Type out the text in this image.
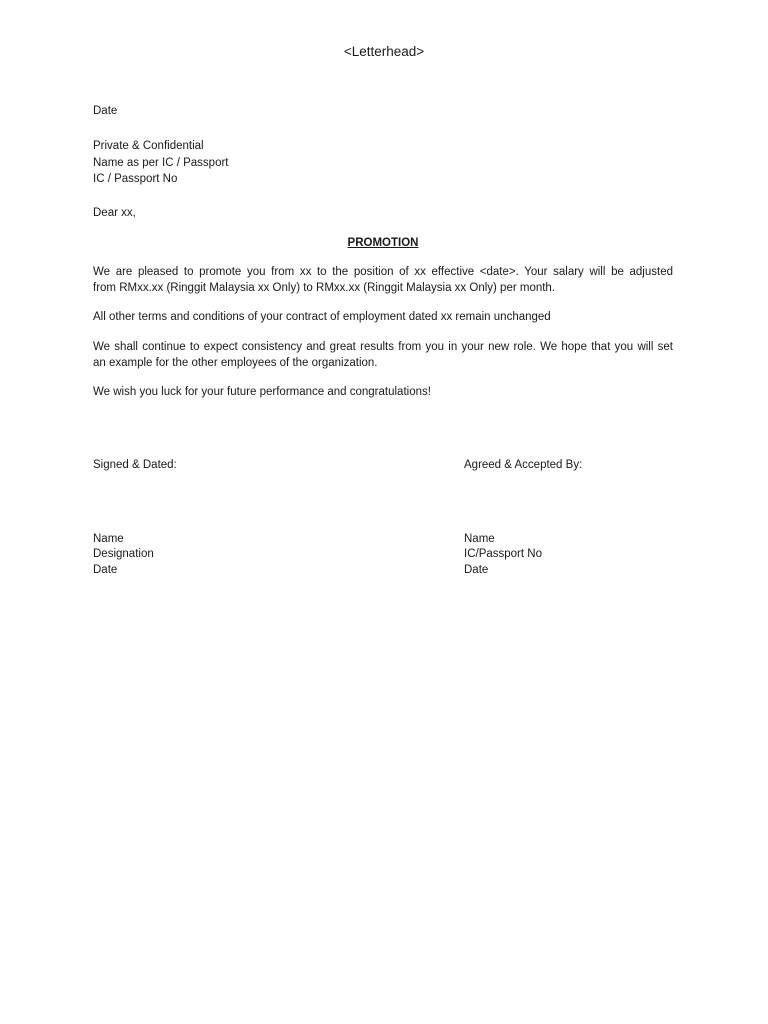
<Letterhead>
Date
Private & Confidential
Name as per IC / Passport
IC / Passport No
Dear xx,
PROMOTION
We are pleased to promote you from xx to the position of xx effective <date>. Your salary will be adjusted
from RMxx.xx (Ringgit Malaysia xx Only) to RMxx.xx (Ringgit Malaysia xx Only) per month.
All other terms and conditions of your contract of employment dated xx remain unchanged
We shall continue to expect consistency and great results from you in your new role. We hope that you will set
an example for the other employees of the organization.
We wish you luck for your future performance and congratulations!
Signed & Dated:
Name
Designation
Date
Agreed & Accepted By:
Name
IC/Passport No
Date
